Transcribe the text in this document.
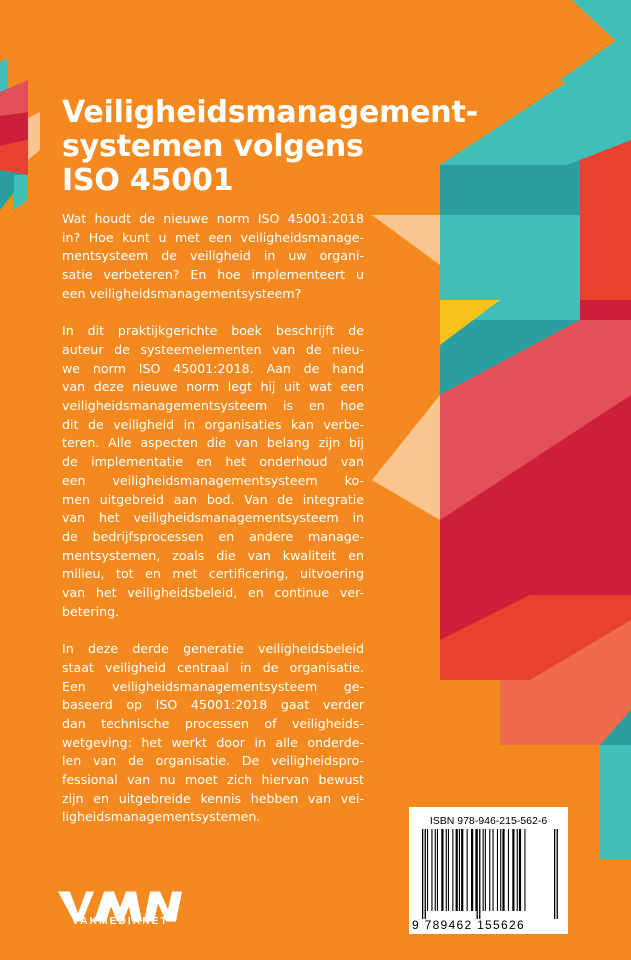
Veiligheidsmanagement-
systemen volgens
ISO 45001
Wat houdt de nieuwe norm ISO 45001:2018
in? Hoe kunt u met een veiligheidsmanage-
mentsysteem de veiligheid in uw organi-
satie verbeteren? En hoe implementeert u
een veiligheidsmanagementsysteem?
In dit praktijkgerichte boek beschrijft de
auteur de systeemelementen van de nieu-
we norm ISO 45001:2018. Aan de hand
van deze nieuwe norm legt hij uit wat een
veiligheidsmanagementsysteem is en hoe
dit de veiligheid in organisaties kan verbe-
teren. Alle aspecten die van belang zijn bij
de implementatie en het onderhoud van
een veiligheidsmanagementsysteem ko-
men uitgebreid aan bod. Van de integratie
van het veiligheidsmanagementsysteem in
de bedrijfsprocessen en andere manage-
mentsystemen, zoals die van kwaliteit en
milieu, tot en met certificering, uitvoering
van het veiligheidsbeleid, en continue ver-
betering.
In deze derde generatie veiligheidsbeleid
staat veiligheid centraal in de organisatie.
Een veiligheidsmanagementsysteem ge-
baseerd op ISO 45001:2018 gaat verder
dan technische processen of veiligheids-
wetgeving: het werkt door in alle onderde-
len van de organisatie. De veiligheidspro-
fessional van nu moet zich hiervan bewust
zijn en uitgebreide kennis hebben van vei-
ligheidsmanagementsystemen.	ISBN 978-946-215-562-6
9 789462 155626
VAKMEDIANET
